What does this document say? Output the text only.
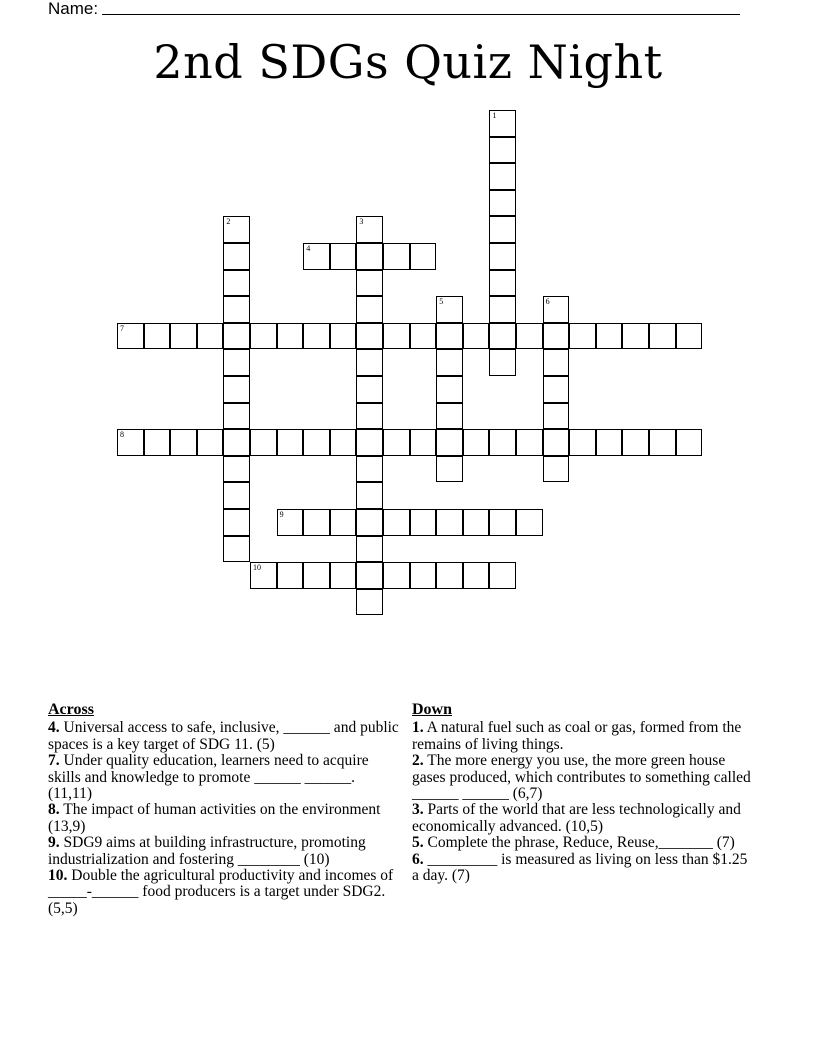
Name:
2nd SDGs Quiz Night
1
2	3
4
5	6
7
8
9
10
Across
4. Universal access to safe, inclusive, ______ and public spaces is a key target of SDG 11. (5)
7. Under quality education, learners need to acquire skills and knowledge to promote ______ ______. (11,11)
8. The impact of human activities on the environment (13,9)
9. SDG9 aims at building infrastructure, promoting industrialization and fostering ________ (10)
10. Double the agricultural productivity and incomes of _____-______ food producers is a target under SDG2. (5,5)
Down
1. A natural fuel such as coal or gas, formed from the remains of living things.
2. The more energy you use, the more green house gases produced, which contributes to something called ______ ______ (6,7)
3. Parts of the world that are less technologically and economically advanced. (10,5)
5. Complete the phrase, Reduce, Reuse,_______ (7)
6. _________ is measured as living on less than $1.25 a day. (7)
